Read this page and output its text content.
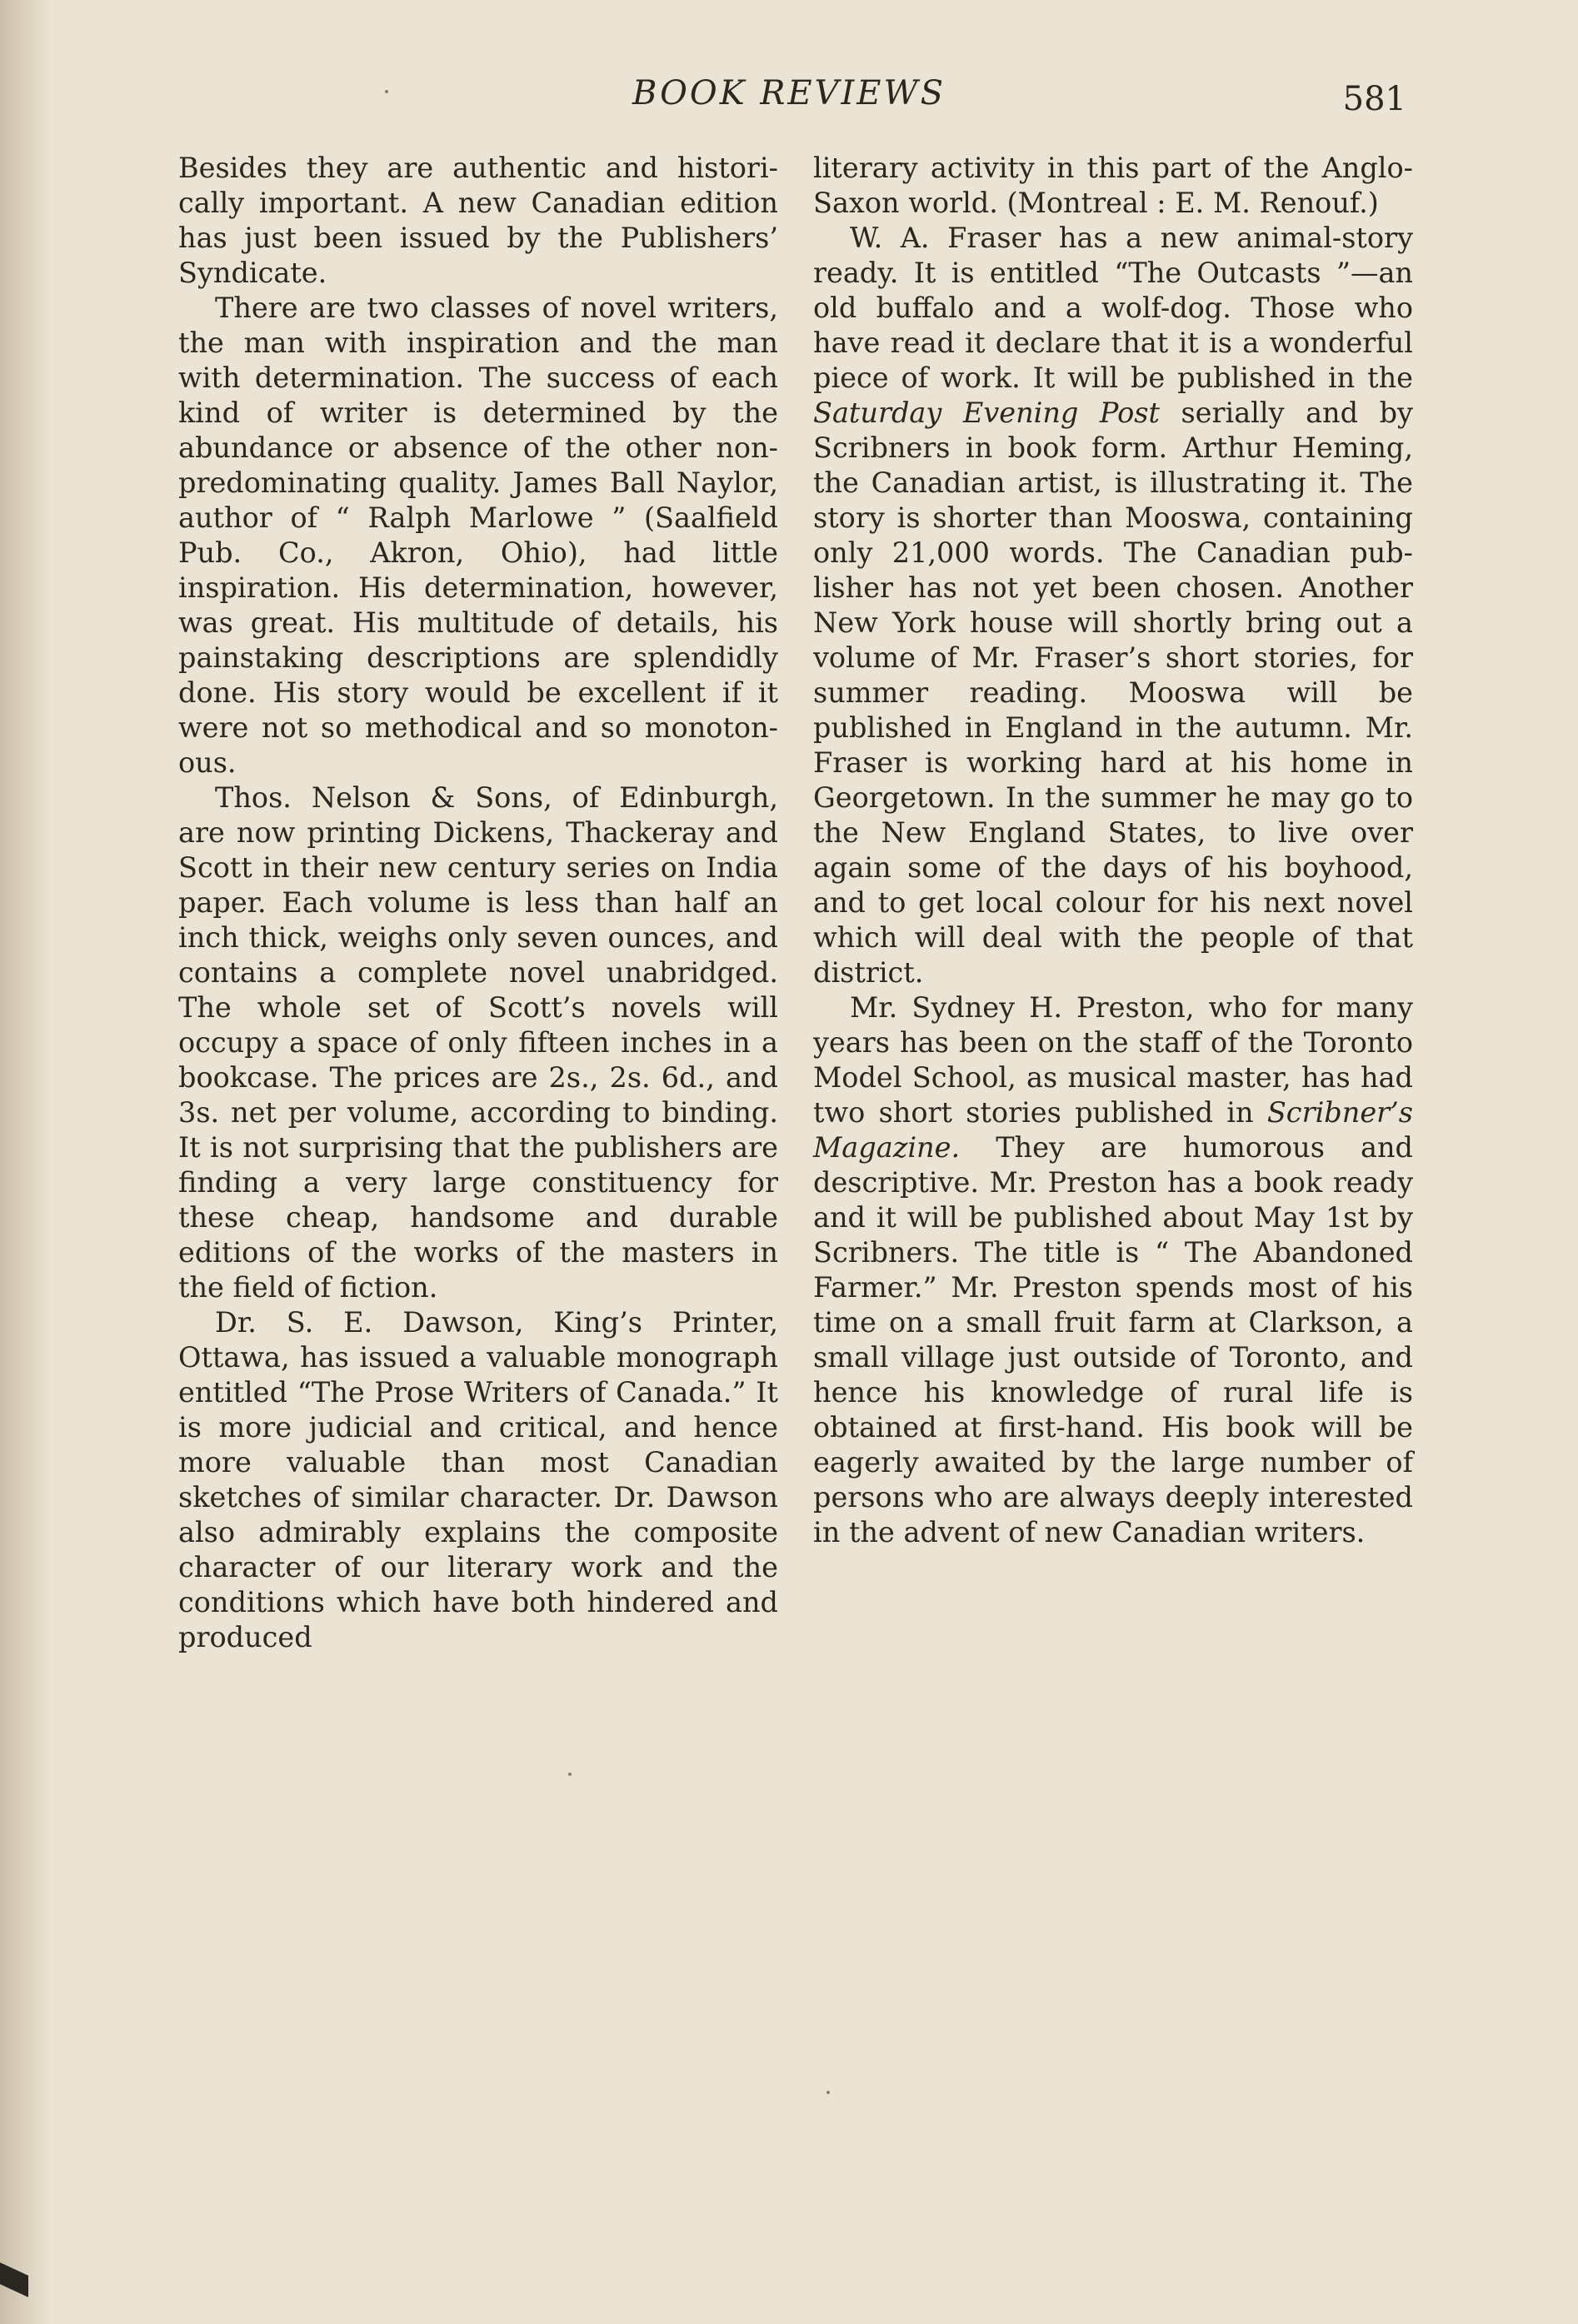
BOOK REVIEWS	581

Besides they are authentic and historically important. A new Canadian edition has just been issued by the Publishers’ Syndicate.

There are two classes of novel writers, the man with inspiration and the man with determination. The success of each kind of writer is determined by the abundance or absence of the other non-predominating quality. James Ball Naylor, author of “ Ralph Marlowe ” (Saalfield Pub. Co., Akron, Ohio), had little inspiration. His determination, however, was great. His multitude of details, his painstaking descriptions are splendidly done. His story would be excellent if it were not so methodical and so monotonous.

Thos. Nelson & Sons, of Edinburgh, are now printing Dickens, Thackeray and Scott in their new century series on India paper. Each volume is less than half an inch thick, weighs only seven ounces, and contains a complete novel unabridged. The whole set of Scott’s novels will occupy a space of only fifteen inches in a bookcase. The prices are 2s., 2s. 6d., and 3s. net per volume, according to binding. It is not surprising that the publishers are finding a very large constituency for these cheap, handsome and durable editions of the works of the masters in the field of fiction.

Dr. S. E. Dawson, King’s Printer, Ottawa, has issued a valuable monograph entitled “The Prose Writers of Canada.” It is more judicial and critical, and hence more valuable than most Canadian sketches of similar character. Dr. Dawson also admirably explains the composite character of our literary work and the conditions which have both hindered and produced

literary activity in this part of the Anglo-Saxon world. (Montreal : E. M. Renouf.)

W. A. Fraser has a new animal-story ready. It is entitled “The Outcasts ”—an old buffalo and a wolf-dog. Those who have read it declare that it is a wonderful piece of work. It will be published in the Saturday Evening Post serially and by Scribners in book form. Arthur Heming, the Canadian artist, is illustrating it. The story is shorter than Mooswa, containing only 21,000 words. The Canadian publisher has not yet been chosen. Another New York house will shortly bring out a volume of Mr. Fraser’s short stories, for summer reading. Mooswa will be published in England in the autumn. Mr. Fraser is working hard at his home in Georgetown. In the summer he may go to the New England States, to live over again some of the days of his boyhood, and to get local colour for his next novel which will deal with the people of that district.

Mr. Sydney H. Preston, who for many years has been on the staff of the Toronto Model School, as musical master, has had two short stories published in Scribner’s Magazine. They are humorous and descriptive. Mr. Preston has a book ready and it will be published about May 1st by Scribners. The title is “ The Abandoned Farmer.” Mr. Preston spends most of his time on a small fruit farm at Clarkson, a small village just outside of Toronto, and hence his knowledge of rural life is obtained at first-hand. His book will be eagerly awaited by the large number of persons who are always deeply interested in the advent of new Canadian writers.
